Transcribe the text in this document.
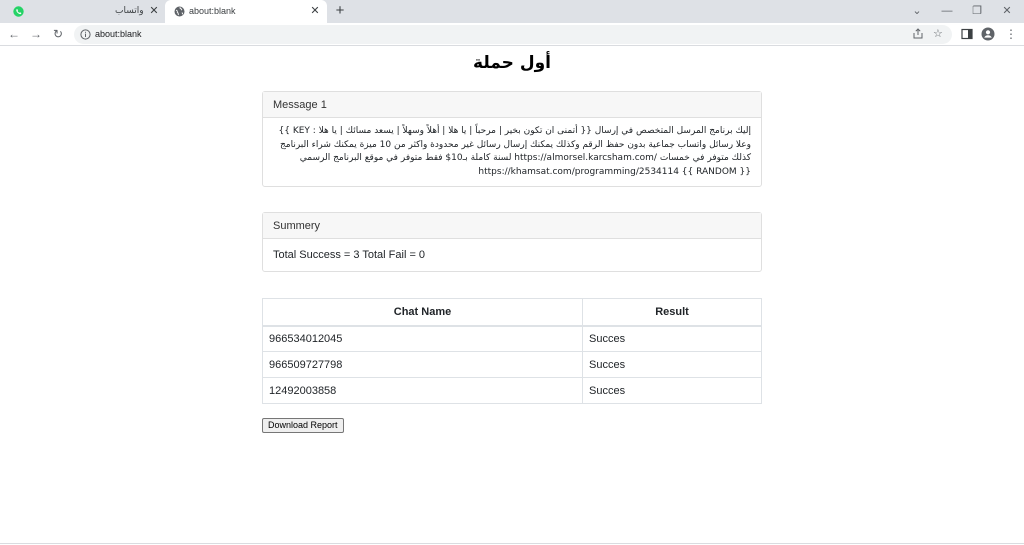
واتساب ✕	about:blank	✕ +	⌄ — ❐ ✕
← → ↻	about:blank	☆	⋮
أول حملة
Message 1
{{ KEY : إليك برنامج المرسل المتخصص في إرسال {{ أتمنى ان تكون بخير | مرحباً | يا هلا | أهلاً وسهلاً | يسعد مسائك | يا هلا وعلا رسائل واتساب جماعية بدون حفظ الرقم وكذلك يمكنك إرسال رسائل غير محدودة واكثر من 10 ميزة يمكنك شراء البرنامج لسنة كاملة بـ10$ فقط متوفر في موقع البرنامج الرسمي https://almorsel.karcsham.com/ كذلك متوفر في خمسات https://khamsat.com/programming/2534114 {{ RANDOM }}
Summery
Total Success = 3 Total Fail = 0
Chat Name	Result
966534012045	Succes
966509727798	Succes
12492003858	Succes
Download Report
